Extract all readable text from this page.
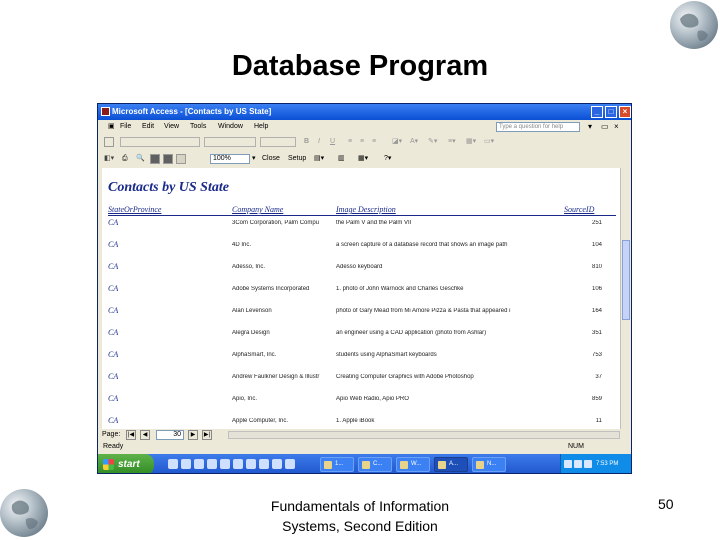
Database Program
Microsoft Access - [Contacts by US State]	_	□	×
▣ File Edit View Tools Window Help	Type a question for help	▾ ▭ ×
B I U ≡ ≡ ≡ ◪▾ A▾ ✎▾ ≡▾ ▦▾ ▭▾
◧▾ ⎙ 🔍	100%	▾ Close Setup ▤▾ ▥ ▦▾ ?▾
Contacts by US State
StateOrProvince	Company Name	Image Description	SourceID
CA	3Com Corporation, Palm Compu	the Palm V and the Palm VII	251
CA	4D Inc.	a screen capture of a database record that shows an image path	104
CA	Adesso, Inc.	Adesso keyboard	810
CA	Adobe Systems Incorporated	1. photo of John Warnock and Charles Geschke	106
CA	Alan Levenson	photo of Gary Mead from Mi Amore Pizza & Pasta that appeared i	164
CA	Alegra Design	an engineer using a CAD application (photo from Ashlar)	351
CA	AlphaSmart, Inc.	students using AlphaSmart keyboards	753
CA	Andrew Faulkner Design & Illustr	Creating Computer Graphics with Adobe Photoshop	37
CA	Apio, Inc.	Apio Web Radio, Apio PRO	859
CA	Apple Computer, Inc.	1. Apple iBook	11
Page:	|◀	◀	30	▶	▶|
Ready	NUM
start	1...	C...	W...	A...	N...	7:53 PM
Fundamentals of Information
Systems, Second Edition
50
